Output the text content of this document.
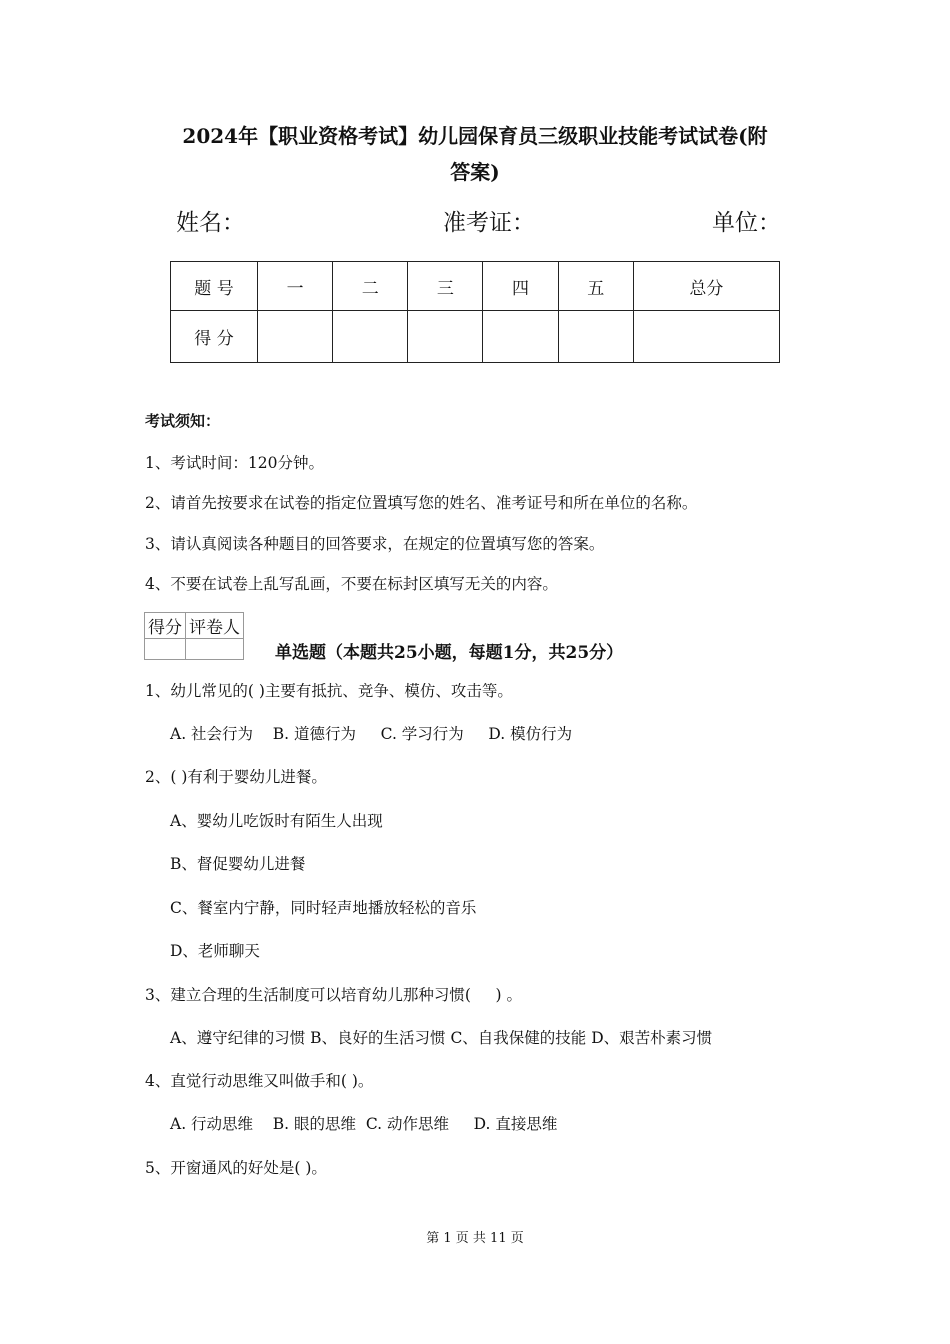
2024年【职业资格考试】幼儿园保育员三级职业技能考试试卷(附
答案)
姓名：	准考证：	单位：
题 号	一	二	三	四	五	总分
得 分						
考试须知：
1、考试时间：120分钟。
2、请首先按要求在试卷的指定位置填写您的姓名、准考证号和所在单位的名称。
3、请认真阅读各种题目的回答要求，在规定的位置填写您的答案。
4、不要在试卷上乱写乱画，不要在标封区填写无关的内容。
得分	评卷人

单选题（本题共25小题，每题1分，共25分）
1、幼儿常见的( )主要有抵抗、竞争、模仿、攻击等。
A. 社会行为    B. 道德行为     C. 学习行为     D. 模仿行为
2、( )有利于婴幼儿进餐。
A、婴幼儿吃饭时有陌生人出现
B、督促婴幼儿进餐
C、餐室内宁静，同时轻声地播放轻松的音乐
D、老师聊天
3、建立合理的生活制度可以培育幼儿那种习惯(     ) 。
A、遵守纪律的习惯 B、良好的生活习惯 C、自我保健的技能 D、艰苦朴素习惯
4、直觉行动思维又叫做手和( )。
A. 行动思维    B. 眼的思维  C. 动作思维     D. 直接思维
5、开窗通风的好处是( )。
第 1 页 共 11 页
